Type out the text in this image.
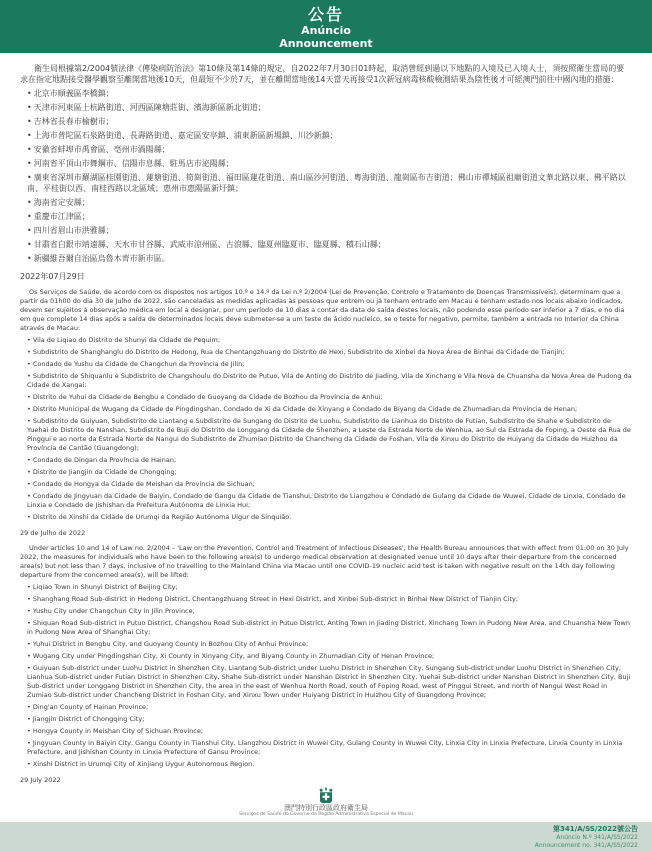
公告
Anúncio
Announcement

衛生局根據第2/2004號法律《傳染病防治法》第10條及第14條的規定，自2022年7月30日01時起，取消曾經到過以下地點的入境及已入境人士，須按照衛生當局的要求在指定地點接受醫學觀察至離開當地後10天，但最短不少於7天，並在離開當地後14天當天再接受1次新冠病毒核酸檢測結果為陰性後才可經澳門前往中國內地的措施：

• 北京市順義區李橋鎮；
• 天津市河東區上杭路街道、河西區陳塘莊街、濱海新區新北街道；
• 吉林省長春市榆樹市；
• 上海市普陀區石泉路街道、長壽路街道、嘉定區安亭鎮、浦東新區新場鎮、川沙新鎮；
• 安徽省蚌埠市禹會區、亳州市渦陽縣；
• 河南省平頂山市舞鋼市、信陽市息縣、駐馬店市泌陽縣；
• 廣東省深圳市羅湖區桂園街道、蓮塘街道、筍崗街道、福田區蓮花街道、南山區沙河街道、粵海街道、龍崗區布吉街道；佛山市禪城區祖廟街道文華北路以東、佛平路以南、平桂街以西、南桂西路以北區域；惠州市惠陽區新圩鎮；
• 海南省定安縣；
• 重慶市江津區；
• 四川省眉山市洪雅縣；
• 甘肅省白銀市靖遠縣、天水市甘谷縣、武威市涼州區、古浪縣、臨夏州臨夏市、臨夏縣、積石山縣；
• 新疆維吾爾自治區烏魯木齊市新市區。
2022年07月29日

Os Serviços de Saúde, de acordo com os dispostos nos artigos 10.º e 14.º da Lei n.º 2/2004 (Lei de Prevenção, Controlo e Tratamento de Doenças Transmissíveis), determinam que a partir da 01h00 do dia 30 de Julho de 2022, são canceladas as medidas aplicadas às pessoas que entrem ou já tenham entrado em Macau e tenham estado nos locais abaixo indicados, devem ser sujeitos à observação médica em local a designar, por um período de 10 dias a contar da data de saída destes locais, não podendo esse período ser inferior a 7 dias, e no dia em que complete 14 dias após a saída de determinados locais deve submeter-se a um teste de ácido nucleico, se o teste for negativo, permite, também a entrada no Interior da China através de Macau:

• Vila de Liqiao do Distrito de Shunyi da Cidade de Pequim;
• Subdistrito de Shanghanglu do Distrito de Hedong, Rua de Chentangzhuang do Distrito de Hexi, Subdistrito de Xinbei da Nova Área de Binhai da Cidade de Tianjin;
• Condado de Yushu da Cidade de Changchun da Província de Jilin;
• Subdistrito de Shiquanlu e Subdistrito de Changshoulu do Distrito de Putuo, Vila de Anting do Distrito de Jiading, Vila de Xinchang e Vila Nova de Chuansha da Nova Área de Pudong da Cidade de Xangai;
• Distrito de Yuhui da Cidade de Bengbu e Condado de Guoyang da Cidade de Bozhou da Província de Anhui;
• Distrito Municipal de Wugang da Cidade de Pingdingshan, Condado de Xi da Cidade de Xinyang e Condado de Biyang da Cidade de Zhumadian da Província de Henan;
• Subdistrito de Guiyuan, Subdistrito de Liantang e Subdistrito de Sungang do Distrito de Luohu, Subdistrito de Lianhua do Distrito de Futian, Subdistrito de Shahe e Subdistrito de Yuehai do Distrito de Nanshan, Subdistrito de Buji do Distrito de Longgang da Cidade de Shenzhen, a Leste da Estrada Norte de Wenhua, ao Sul da Estrada de Foping, a Oeste da Rua de Pinggui e ao norte da Estrada Norte de Nangui do Subdistrito de Zhumiao Distrito de Chancheng da Cidade de Foshan, Vila de Xinxu do Distrito de Huiyang da Cidade de Huizhou da Província de Cantão (Guangdong);
• Condado de Dingan da Província de Hainan;
• Distrito de Jiangjin da Cidade de Chongqing;
• Condado de Hongya da Cidade de Meishan da Província de Sichuan;
• Condado de Jingyuan da Cidade de Baiyin, Condado de Gangu da Cidade de Tianshui, Distrito de Liangzhou e Condado de Gulang da Cidade de Wuwei, Cidade de Linxia, Condado de Linxia e Condado de Jishishan da Prefeitura Autónoma de Linxia Hui;
• Distrito de Xinshi da Cidade de Urumqi da Região Autónoma Uigur de Sinquião.
29 de Julho de 2022

Under articles 10 and 14 of Law no. 2/2004 – 'Law on the Prevention, Control and Treatment of Infectious Diseases', the Health Bureau announces that with effect from 01:00 on 30 July 2022, the measures for individuals who have been to the following area(s) to undergo medical observation at designated venue until 10 days after their departure from the concerned area(s) but not less than 7 days, inclusive of no travelling to the Mainland China via Macao until one COVID-19 nucleic acid test is taken with negative result on the 14th day following departure from the concerned area(s), will be lifted:

• Liqiao Town in Shunyi District of Beijing City;
• Shanghang Road Sub-district in Hedong District, Chentangzhuang Street in Hexi District, and Xinbei Sub-district in Binhai New District of Tianjin City;
• Yushu City under Changchun City in Jilin Province;
• Shiquan Road Sub-district in Putuo District, Changshou Road Sub-district in Putuo District, Anting Town in Jiading District, Xinchang Town in Pudong New Area, and Chuansha New Town in Pudong New Area of Shanghai City;
• Yuhui District in Bengbu City, and Guoyang County in Bozhou City of Anhui Province;
• Wugang City under Pingdingshan City, Xi County in Xinyang City, and Biyang County in Zhumadian City of Henan Province;
• Guiyuan Sub-district under Luohu District in Shenzhen City, Liantang Sub-district under Luohu District in Shenzhen City, Sungang Sub-district under Luohu District in Shenzhen City, Lianhua Sub-district under Futian District in Shenzhen City, Shahe Sub-district under Nanshan District in Shenzhen City, Yuehai Sub-district under Nanshan District in Shenzhen City, Buji Sub-district under Longgang District in Shenzhen City, the area in the east of Wenhua North Road, south of Foping Road, west of Pinggui Street, and north of Nangui West Road in Zumiao Sub-district under Chancheng District in Foshan City, and Xinxu Town under Huiyang District in Huizhou City of Guangdong Province;
• Ding'an County of Hainan Province;
• Jiangjin District of Chongqing City;
• Hongya County in Meishan City of Sichuan Province;
• Jingyuan County in Baiyin City, Gangu County in Tianshui City, Liangzhou District in Wuwei City, Gulang County in Wuwei City, Linxia City in Linxia Prefecture, Linxia County in Linxia Prefecture, and Jishishan County in Linxia Prefecture of Gansu Province;
• Xinshi District in Urumqi City of Xinjiang Uygur Autonomous Region.
29 July 2022
澳門特別行政區政府衛生局
Serviços de Saúde do Governo da Região Administrativa Especial de Macau
第341/A/SS/2022號公告
Anúncio N.º 341/A/SS/2022
Announcement no. 341/A/SS/2022
